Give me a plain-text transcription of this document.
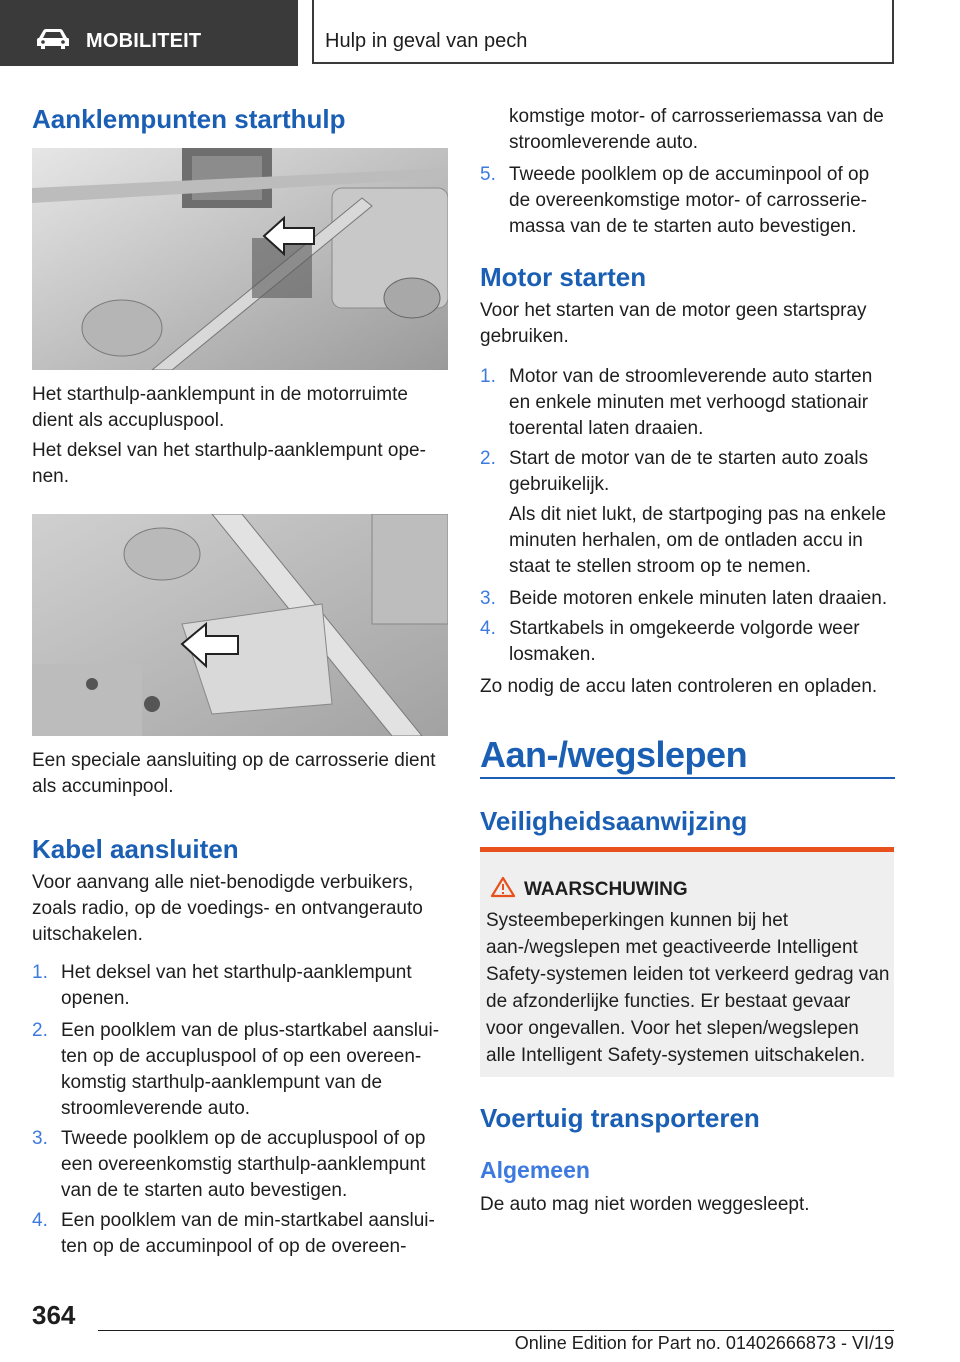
MOBILITEIT	Hulp in geval van pech
Aanklempunten starthulp

Het starthulp-aanklempunt in de motorruimte dient als accupluspool.

Het deksel van het starthulp-aanklempunt openen.

Een speciale aansluiting op de carrosserie dient als accuminpool.

Kabel aansluiten

Voor aanvang alle niet-benodigde verbuikers, zoals radio, op de voedings- en ontvangerauto uitschakelen.

1. Het deksel van het starthulp-aanklempunt openen.
2. Een poolklem van de plus-startkabel aansluiten op de accupluspool of op een overeenkomstig starthulp-aanklempunt van de stroomleverende auto.
3. Tweede poolklem op de accupluspool of op een overeenkomstig starthulp-aanklempunt van de te starten auto bevestigen.
4. Een poolklem van de min-startkabel aansluiten op de accuminpool of op de overeen-

komstige motor- of carrosseriemassa van de stroomleverende auto.

5. Tweede poolklem op de accuminpool of op de overeenkomstige motor- of carrosseriemassa van de te starten auto bevestigen.
Motor starten

Voor het starten van de motor geen startspray gebruiken.

1. Motor van de stroomleverende auto starten en enkele minuten met verhoogd stationair toerental laten draaien.
2. Start de motor van de te starten auto zoals gebruikelijk.
Als dit niet lukt, de startpoging pas na enkele minuten herhalen, om de ontladen accu in staat te stellen stroom op te nemen.
3. Beide motoren enkele minuten laten draaien.
4. Startkabels in omgekeerde volgorde weer losmaken.

Zo nodig de accu laten controleren en opladen.

Aan-/wegslepen
Veiligheidsaanwijzing
WAARSCHUWING
Systeembeperkingen kunnen bij het aan-/wegslepen met geactiveerde Intelligent Safety-systemen leiden tot verkeerd gedrag van de afzonderlijke functies. Er bestaat gevaar voor ongevallen. Voor het slepen/wegslepen alle Intelligent Safety-systemen uitschakelen.
Voertuig transporteren
Algemeen

De auto mag niet worden weggesleept.

364
Online Edition for Part no. 01402666873 - VI/19
